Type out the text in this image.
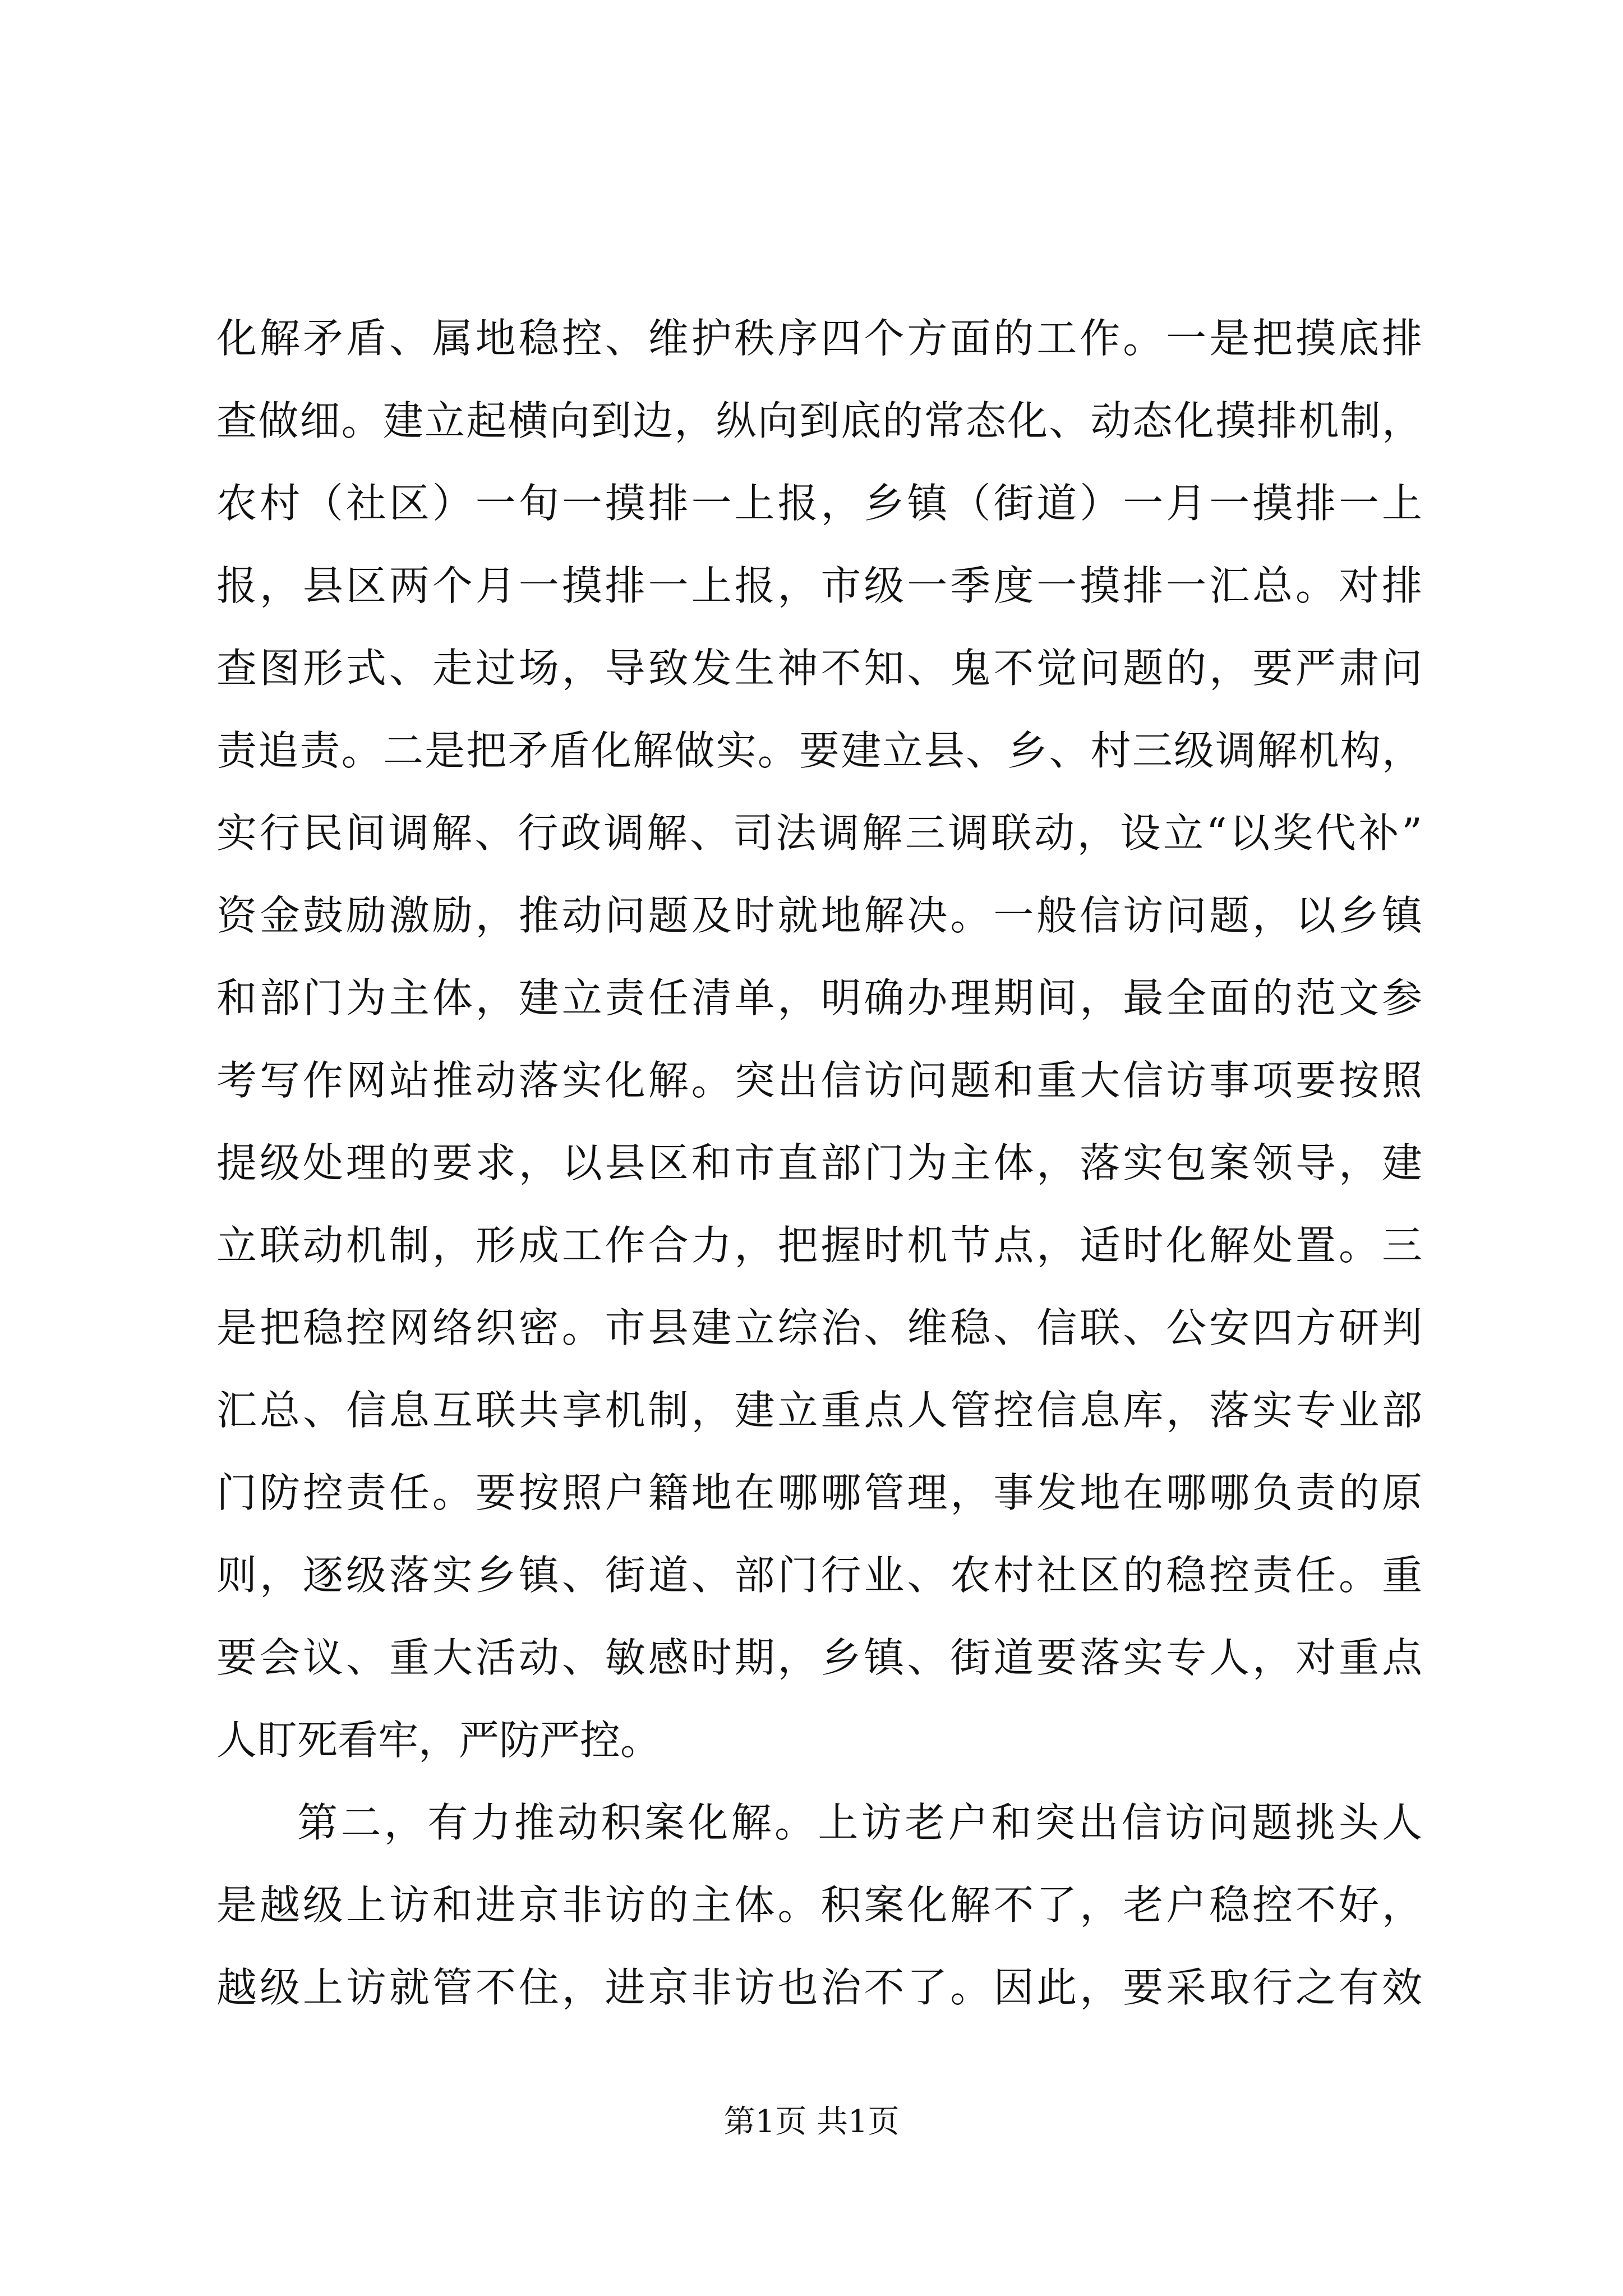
化解矛盾、属地稳控、维护秩序四个方面的工作。一是把摸底排
查做细。建立起横向到边，纵向到底的常态化、动态化摸排机制，
农村（社区）一旬一摸排一上报，乡镇（街道）一月一摸排一上
报，县区两个月一摸排一上报，市级一季度一摸排一汇总。对排
查图形式、走过场，导致发生神不知、鬼不觉问题的，要严肃问
责追责。二是把矛盾化解做实。要建立县、乡、村三级调解机构，
实行民间调解、行政调解、司法调解三调联动，设立“以奖代补”
资金鼓励激励，推动问题及时就地解决。一般信访问题，以乡镇
和部门为主体，建立责任清单，明确办理期间，最全面的范文参
考写作网站推动落实化解。突出信访问题和重大信访事项要按照
提级处理的要求，以县区和市直部门为主体，落实包案领导，建
立联动机制，形成工作合力，把握时机节点，适时化解处置。三
是把稳控网络织密。市县建立综治、维稳、信联、公安四方研判
汇总、信息互联共享机制，建立重点人管控信息库，落实专业部
门防控责任。要按照户籍地在哪哪管理，事发地在哪哪负责的原
则，逐级落实乡镇、街道、部门行业、农村社区的稳控责任。重
要会议、重大活动、敏感时期，乡镇、街道要落实专人，对重点
人盯死看牢，严防严控。
第二，有力推动积案化解。上访老户和突出信访问题挑头人
是越级上访和进京非访的主体。积案化解不了，老户稳控不好，
越级上访就管不住，进京非访也治不了。因此，要采取行之有效
第1页 共1页
